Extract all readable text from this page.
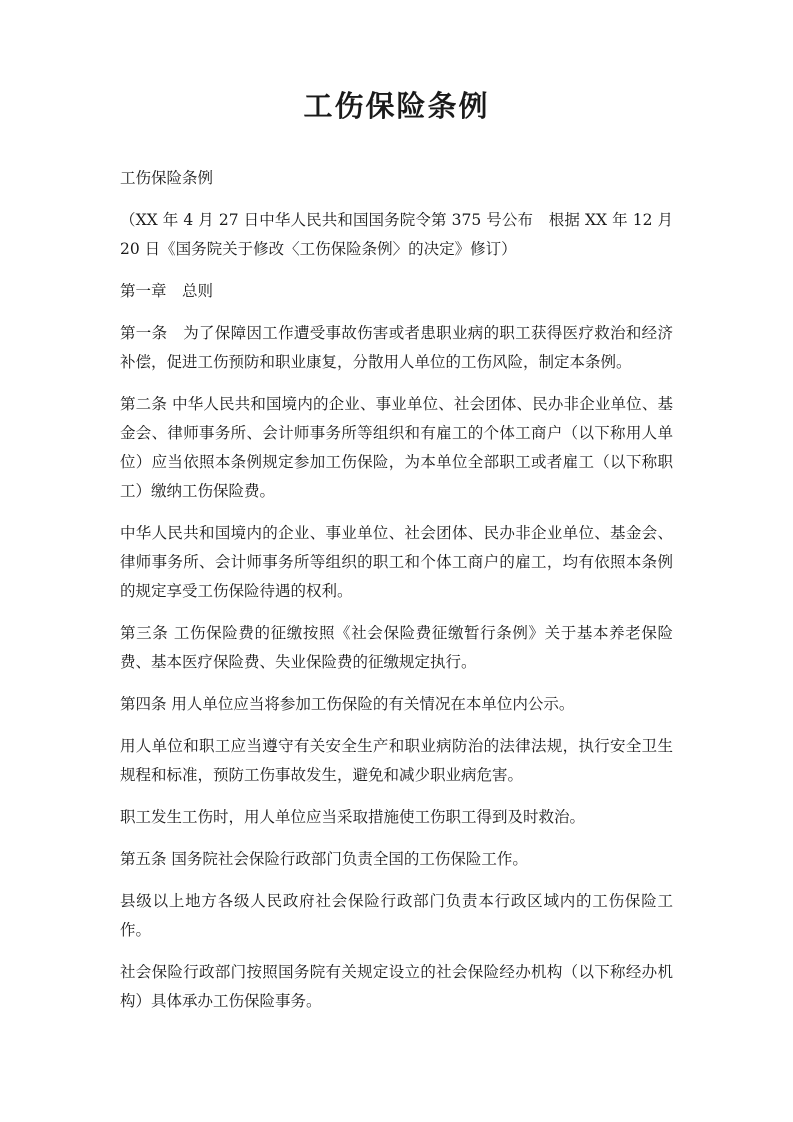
工伤保险条例

工伤保险条例

（XX 年 4 月 27 日中华人民共和国国务院令第 375 号公布　根据 XX 年 12 月 20 日《国务院关于修改〈工伤保险条例〉的决定》修订）

第一章　总则

第一条　为了保障因工作遭受事故伤害或者患职业病的职工获得医疗救治和经济补偿，促进工伤预防和职业康复，分散用人单位的工伤风险，制定本条例。

第二条 中华人民共和国境内的企业、事业单位、社会团体、民办非企业单位、基金会、律师事务所、会计师事务所等组织和有雇工的个体工商户（以下称用人单位）应当依照本条例规定参加工伤保险，为本单位全部职工或者雇工（以下称职工）缴纳工伤保险费。

中华人民共和国境内的企业、事业单位、社会团体、民办非企业单位、基金会、律师事务所、会计师事务所等组织的职工和个体工商户的雇工，均有依照本条例的规定享受工伤保险待遇的权利。

第三条 工伤保险费的征缴按照《社会保险费征缴暂行条例》关于基本养老保险费、基本医疗保险费、失业保险费的征缴规定执行。

第四条 用人单位应当将参加工伤保险的有关情况在本单位内公示。

用人单位和职工应当遵守有关安全生产和职业病防治的法律法规，执行安全卫生规程和标准，预防工伤事故发生，避免和减少职业病危害。

职工发生工伤时，用人单位应当采取措施使工伤职工得到及时救治。

第五条 国务院社会保险行政部门负责全国的工伤保险工作。

县级以上地方各级人民政府社会保险行政部门负责本行政区域内的工伤保险工作。

社会保险行政部门按照国务院有关规定设立的社会保险经办机构（以下称经办机构）具体承办工伤保险事务。
